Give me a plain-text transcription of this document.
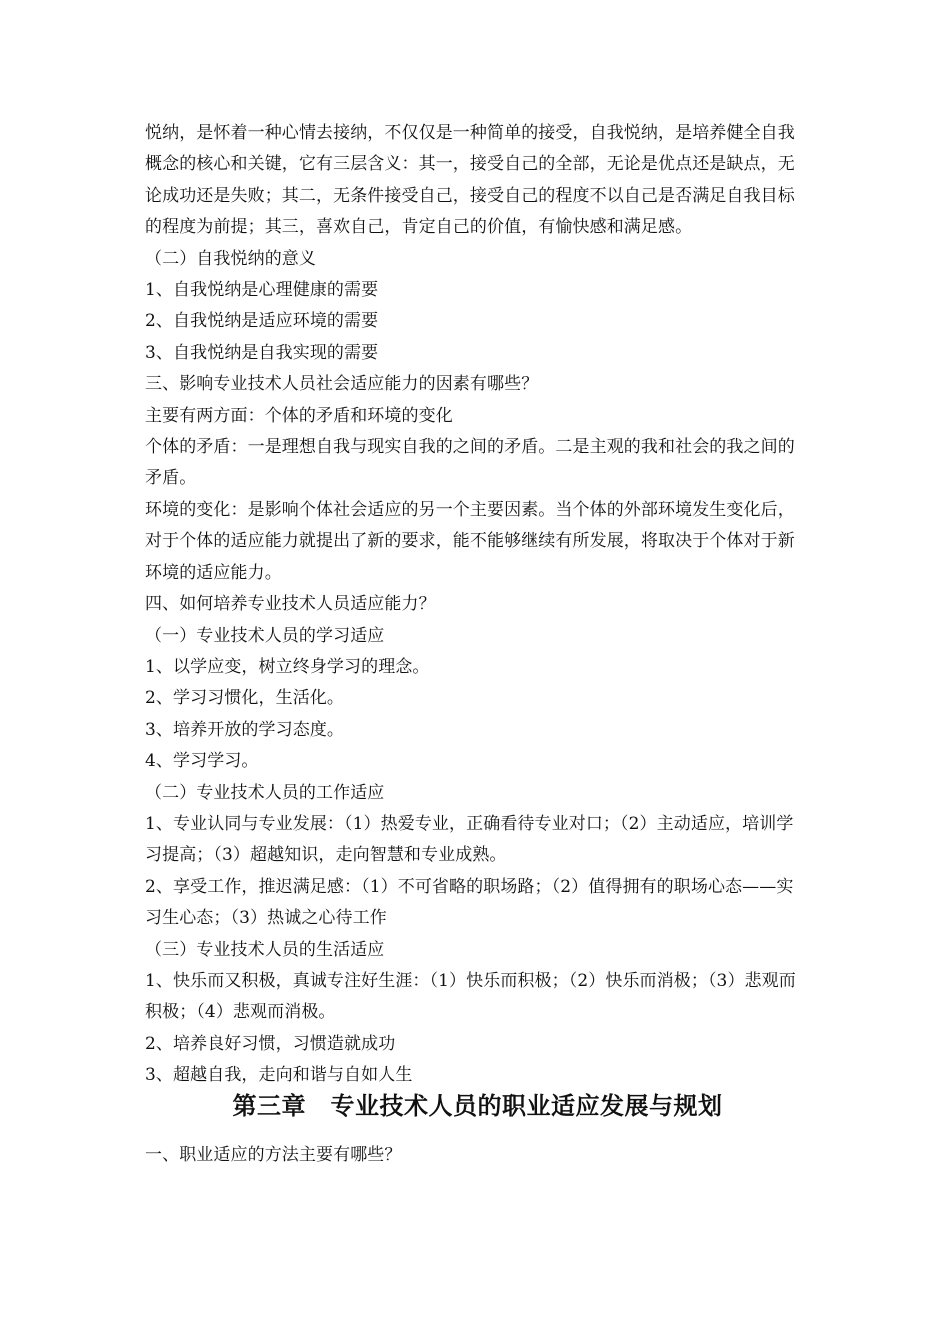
悦纳，是怀着一种心情去接纳，不仅仅是一种简单的接受，自我悦纳，是培养健全自我概念的核心和关键，它有三层含义：其一，接受自己的全部，无论是优点还是缺点，无论成功还是失败；其二，无条件接受自己，接受自己的程度不以自己是否满足自我目标的程度为前提；其三，喜欢自己，肯定自己的价值，有愉快感和满足感。

（二）自我悦纳的意义

1、自我悦纳是心理健康的需要

2、自我悦纳是适应环境的需要

3、自我悦纳是自我实现的需要

三、影响专业技术人员社会适应能力的因素有哪些？

主要有两方面：个体的矛盾和环境的变化

个体的矛盾：一是理想自我与现实自我的之间的矛盾。二是主观的我和社会的我之间的矛盾。

环境的变化：是影响个体社会适应的另一个主要因素。当个体的外部环境发生变化后，对于个体的适应能力就提出了新的要求，能不能够继续有所发展，将取决于个体对于新环境的适应能力。

四、如何培养专业技术人员适应能力？

（一）专业技术人员的学习适应

1、以学应变，树立终身学习的理念。

2、学习习惯化，生活化。

3、培养开放的学习态度。

4、学习学习。

（二）专业技术人员的工作适应

1、专业认同与专业发展：（1）热爱专业，正确看待专业对口；（2）主动适应，培训学习提高；（3）超越知识，走向智慧和专业成熟。

2、享受工作，推迟满足感：（1）不可省略的职场路；（2）值得拥有的职场心态——实习生心态；（3）热诚之心待工作

（三）专业技术人员的生活适应

1、快乐而又积极，真诚专注好生涯：（1）快乐而积极；（2）快乐而消极；（3）悲观而积极；（4）悲观而消极。

2、培养良好习惯，习惯造就成功

3、超越自我，走向和谐与自如人生

第三章　专业技术人员的职业适应发展与规划

一、职业适应的方法主要有哪些？
